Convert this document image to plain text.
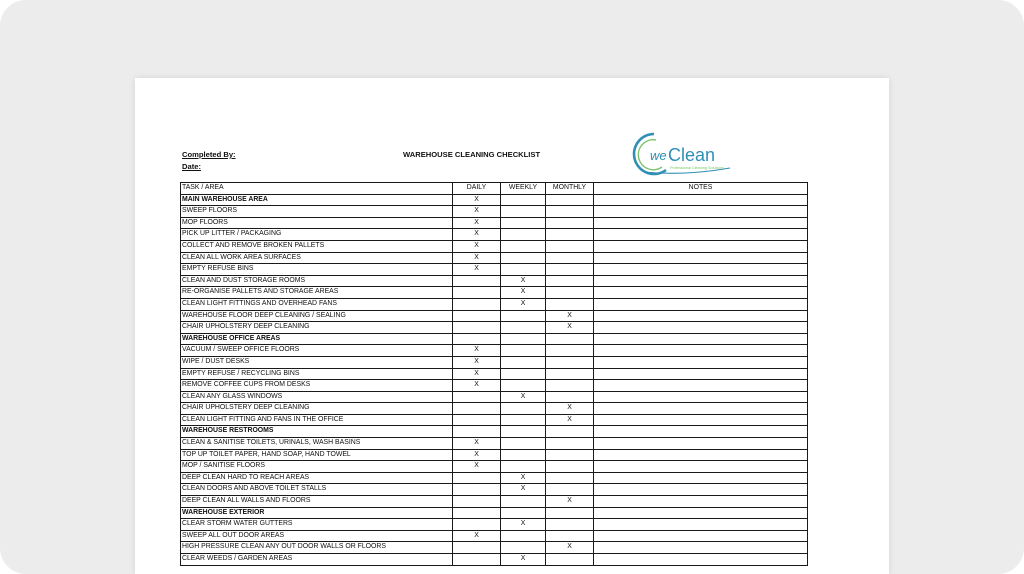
Completed By:
Date:
WAREHOUSE CLEANING CHECKLIST	we Clean
Professional Cleaning Solutions
TASK / AREA	DAILY	WEEKLY	MONTHLY	NOTES
MAIN WAREHOUSE AREA	X			
SWEEP FLOORS	X			
MOP FLOORS	X			
PICK UP LITTER / PACKAGING	X			
COLLECT AND REMOVE BROKEN PALLETS	X			
CLEAN ALL WORK AREA SURFACES	X			
EMPTY REFUSE BINS	X			
CLEAN AND DUST STORAGE ROOMS		X		
RE-ORGANISE PALLETS AND STORAGE AREAS		X		
CLEAN LIGHT FITTINGS AND OVERHEAD FANS		X		
WAREHOUSE FLOOR DEEP CLEANING / SEALING			X	
CHAIR UPHOLSTERY DEEP CLEANING			X	
WAREHOUSE OFFICE AREAS				
VACUUM / SWEEP OFFICE FLOORS	X			
WIPE / DUST DESKS	X			
EMPTY REFUSE / RECYCLING BINS	X			
REMOVE COFFEE CUPS FROM DESKS	X			
CLEAN ANY GLASS WINDOWS		X		
CHAIR UPHOLSTERY DEEP CLEANING			X	
CLEAN LIGHT FITTING AND FANS IN THE OFFICE			X	
WAREHOUSE RESTROOMS				
CLEAN & SANITISE TOILETS, URINALS, WASH BASINS	X			
TOP UP TOILET PAPER, HAND SOAP, HAND TOWEL	X			
MOP / SANITISE FLOORS	X			
DEEP CLEAN HARD TO REACH AREAS		X		
CLEAN DOORS AND ABOVE TOILET STALLS		X		
DEEP CLEAN ALL WALLS AND FLOORS			X	
WAREHOUSE EXTERIOR				
CLEAR STORM WATER GUTTERS		X		
SWEEP ALL OUT DOOR AREAS	X			
HIGH PRESSURE CLEAN ANY OUT DOOR WALLS OR FLOORS			X	
CLEAR WEEDS / GARDEN AREAS		X		
